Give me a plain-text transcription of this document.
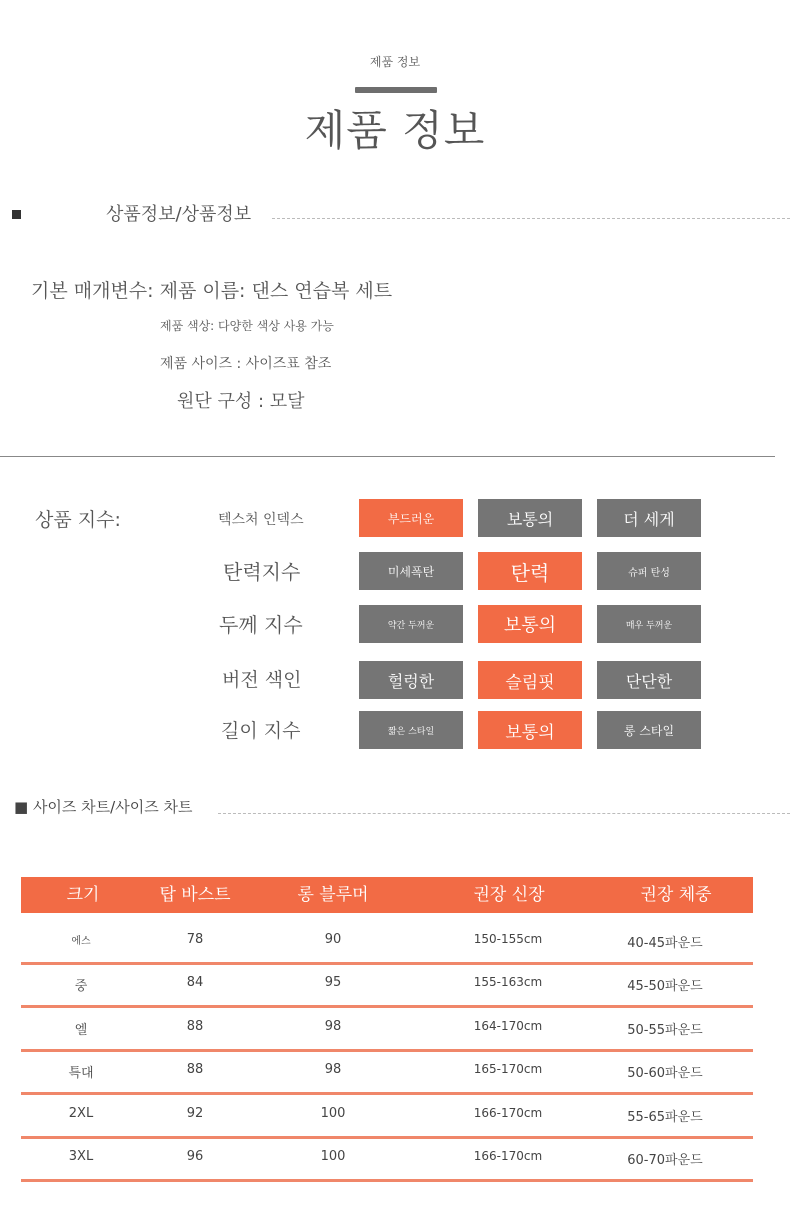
제품 정보
제품 정보
상품정보/상품정보
기본 매개변수: 제품 이름: 댄스 연습복 세트
제품 색상: 다양한 색상 사용 가능
제품 사이즈 : 사이즈표 참조
원단 구성 : 모달
상품 지수:	텍스처 인덱스	부드러운	보통의	더 세게
탄력지수	미세폭탄	탄력	슈퍼 탄성
두께 지수	약간 두꺼운	보통의	매우 두꺼운
버전 색인	헐렁한	슬림핏	단단한
길이 지수	짧은 스타일	보통의	롱 스타일
■ 사이즈 차트/사이즈 차트
크기	탑 바스트	롱 블루머	권장 신장	권장 체중
에스	78	90	150-155cm	40-45파운드
중	84	95	155-163cm	45-50파운드
엘	88	98	164-170cm	50-55파운드
특대	88	98	165-170cm	50-60파운드
2XL	92	100	166-170cm	55-65파운드
3XL	96	100	166-170cm	60-70파운드
